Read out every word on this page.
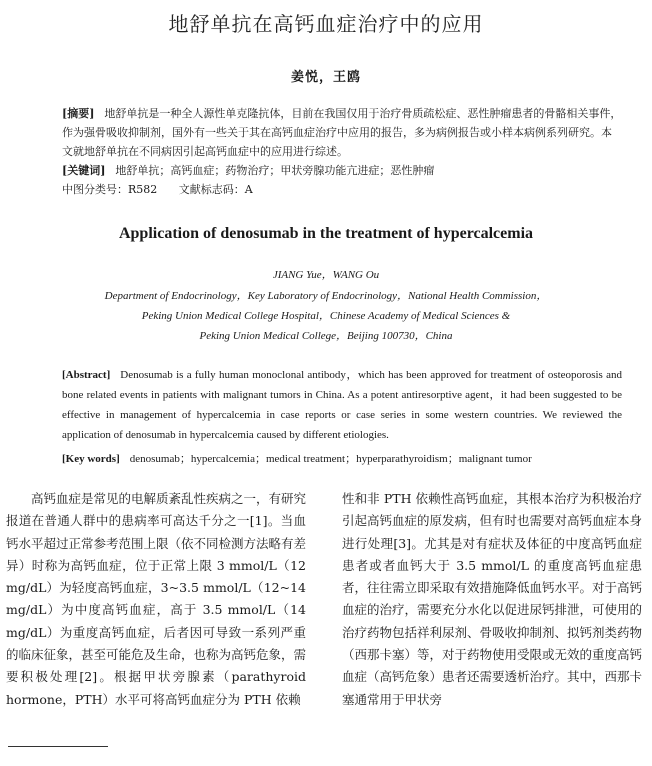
地舒单抗在高钙血症治疗中的应用
姜悦，王鸥
[摘要] 地舒单抗是一种全人源性单克隆抗体，目前在我国仅用于治疗骨质疏松症、恶性肿瘤患者的骨骼相关事件，作为强骨吸收抑制剂，国外有一些关于其在高钙血症治疗中应用的报告，多为病例报告或小样本病例系列研究。本文就地舒单抗在不同病因引起高钙血症中的应用进行综述。
[关键词] 地舒单抗；高钙血症；药物治疗；甲状旁腺功能亢进症；恶性肿瘤
中图分类号：R582 文献标志码：A
Application of denosumab in the treatment of hypercalcemia
JIANG Yue，WANG Ou
Department of Endocrinology，Key Laboratory of Endocrinology，National Health Commission，
Peking Union Medical College Hospital，Chinese Academy of Medical Sciences &
Peking Union Medical College，Beijing 100730，China
[Abstract] Denosumab is a fully human monoclonal antibody，which has been approved for treatment of osteoporosis and bone related events in patients with malignant tumors in China. As a potent antiresorptive agent，it had been suggested to be effective in management of hypercalcemia in case reports or case series in some western countries. We reviewed the application of denosumab in hypercalcemia caused by different etiologies.
[Key words] denosumab；hypercalcemia；medical treatment；hyperparathyroidism；malignant tumor
高钙血症是常见的电解质紊乱性疾病之一，有研究报道在普通人群中的患病率可高达千分之一[1]。当血钙水平超过正常参考范围上限（依不同检测方法略有差异）时称为高钙血症，位于正常上限 3 mmol/L（12 mg/dL）为轻度高钙血症，3~3.5 mmol/L（12~14 mg/dL）为中度高钙血症，高于 3.5 mmol/L（14 mg/dL）为重度高钙血症，后者因可导致一系列严重的临床征象，甚至可能危及生命，也称为高钙危象，需要积极处理[2]。根据甲状旁腺素（parathyroid hormone，PTH）水平可将高钙血症分为 PTH 依赖
性和非 PTH 依赖性高钙血症，其根本治疗为积极治疗引起高钙血症的原发病，但有时也需要对高钙血症本身进行处理[3]。尤其是对有症状及体征的中度高钙血症患者或者血钙大于 3.5 mmol/L 的重度高钙血症患者，往往需立即采取有效措施降低血钙水平。对于高钙血症的治疗，需要充分水化以促进尿钙排泄，可使用的治疗药物包括祥利尿剂、骨吸收抑制剂、拟钙剂类药物（西那卡塞）等，对于药物使用受限或无效的重度高钙血症（高钙危象）患者还需要透析治疗。其中，西那卡塞通常用于甲状旁
